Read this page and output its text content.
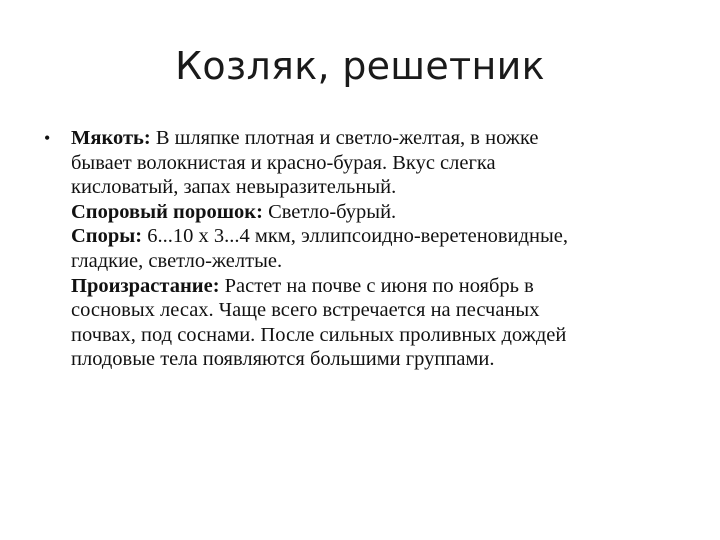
Козляк, решетник
• Мякоть: В шляпке плотная и светло-желтая, в ножке
бывает волокнистая и красно-бурая. Вкус слегка
кисловатый, запах невыразительный.
Споровый порошок: Светло-бурый.
Споры: 6...10 х 3...4 мкм, эллипсоидно-веретеновидные,
гладкие, светло-желтые.
Произрастание: Растет на почве с июня по ноябрь в
сосновых лесах. Чаще всего встречается на песчаных
почвах, под соснами. После сильных проливных дождей
плодовые тела появляются большими группами.
